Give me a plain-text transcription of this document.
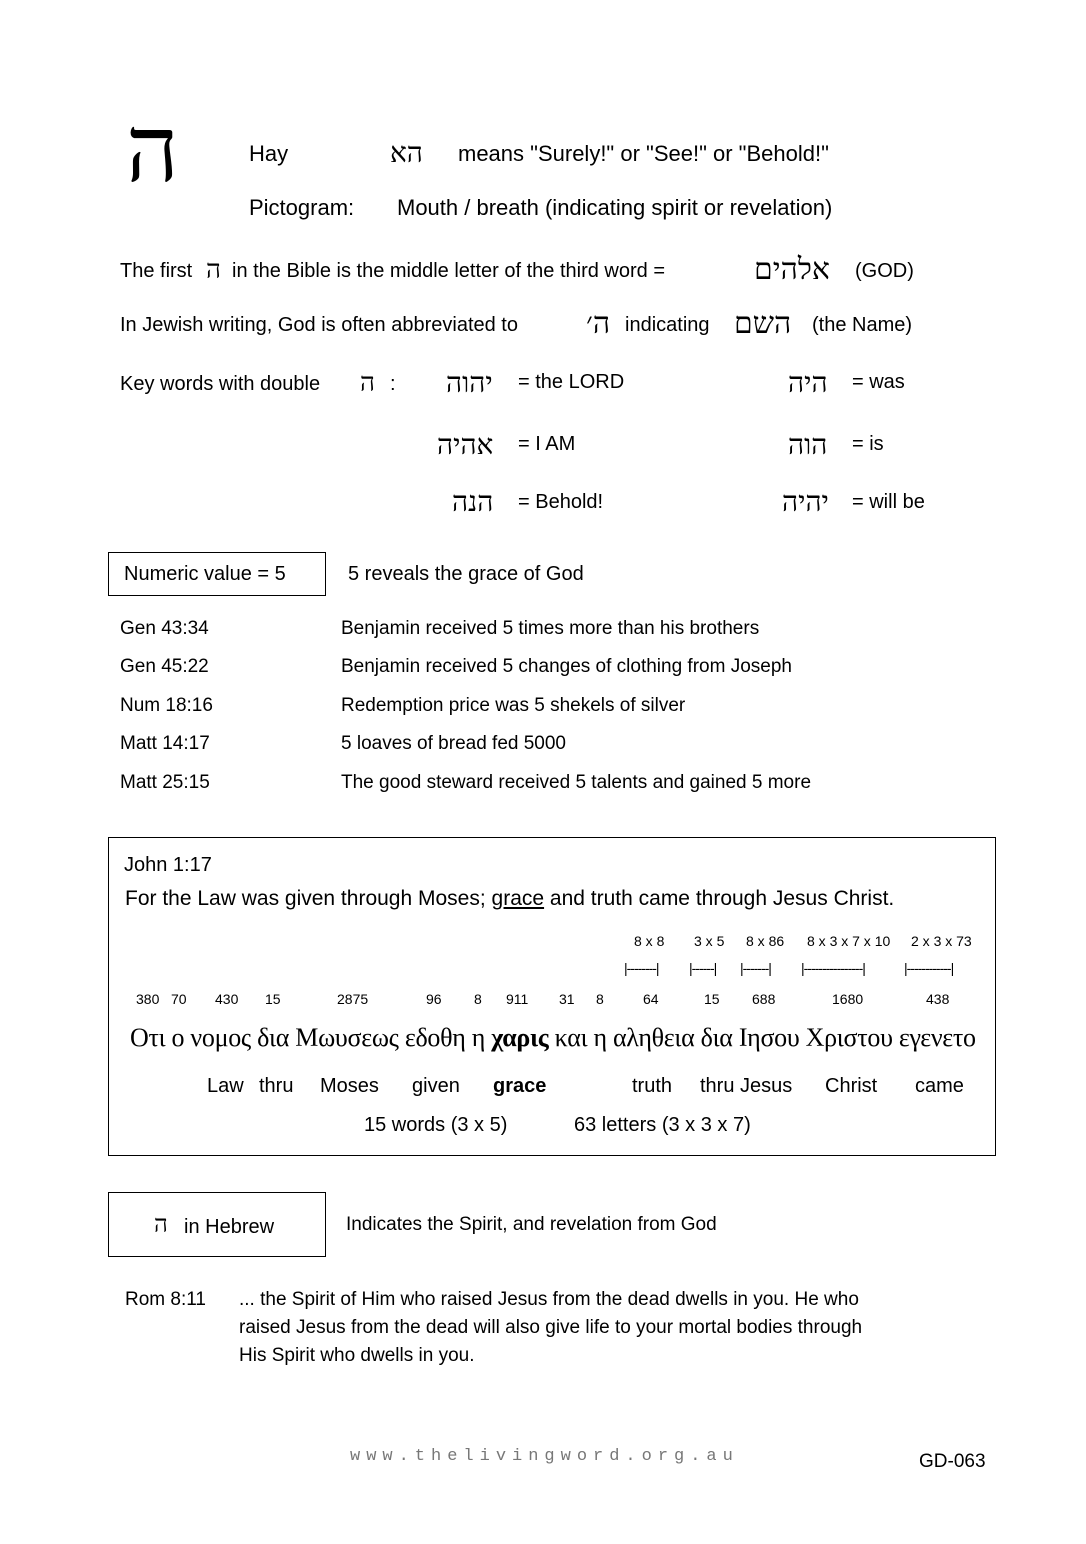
ה	Hay	הא means "Surely!" or "See!" or "Behold!"
Pictogram: Mouth / breath (indicating spirit or revelation)
The first ה in the Bible is the middle letter of the third word =	אלהים (GOD)
In Jewish writing, God is often abbreviated to ה׳ indicating השם (the Name)
Key words with double ה : יהוה = the LORD	היה = was
אהיה = I AM	הוה = is
הנה = Behold!	יהיה = will be
Numeric value = 5	5 reveals the grace of God
Gen 43:34	Benjamin received 5 times more than his brothers
Gen 45:22	Benjamin received 5 changes of clothing from Joseph
Num 18:16	Redemption price was 5 shekels of silver
Matt 14:17	5 loaves of bread fed 5000
Matt 25:15	The good steward received 5 talents and gained 5 more
John 1:17
For the Law was given through Moses; grace and truth came through Jesus Christ.
8 x 8 3 x 5 8 x 86 8 x 3 x 7 x 10 2 x 3 x 73
|--------| |------| |-------| |----------------|	|------------|
380 70 430 15	2875	96 8 911 31 8	64	15 688	1680	438
Οτι ο νομος δια Μωυσεως εδοθη η χαρις και η αληθεια δια Ιησου Χριστου εγενετο
Law thru Moses given grace	truth thru Jesus Christ came
15 words (3 x 5)	63 letters (3 x 3 x 7)
ה in Hebrew	Indicates the Spirit, and revelation from God
Rom 8:11 ... the Spirit of Him who raised Jesus from the dead dwells in you. He who
raised Jesus from the dead will also give life to your mortal bodies through
His Spirit who dwells in you.
www.thelivingword.org.au	GD-063
